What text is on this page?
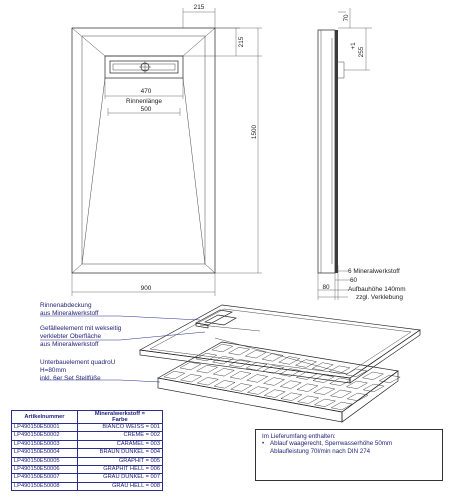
215
215
470
Rinnenlänge
500
1500
900
70
+1
255
6 Mineralwerkstoff
60
80	Aufbauhöhe 140mm
zzgl. Verklebung
Rinnenabdeckung
aus Mineralwerkstoff
Gefälleelement mit wekseitig
verklebter Oberfläche
aus Mineralwerkstoff
Unterbauelement quadroU
H=80mm
inkl. 6er Set Stellfüße
Artikelnummer	Mineralwerkstoff =
Farbe
LP490150E50001	BIANCO WEISS = 001
LP490150E50002	CREME = 002
LP490150E50003	CARAMEL = 003
LP490150E50004	BRAUN DUNKEL = 004
LP490150E50005	GRAPHIT = 005
LP490150E50006	GRAPHIT HELL = 006
LP490150E50007	GRAU DUNKEL = 007
LP490150E50008	GRAU HELL = 008
Im Lieferumfang enthalten:
• Ablauf waagerecht, Sperrwasserhöhe 50mm
Ablaufleistung 70l/min nach DIN 274
